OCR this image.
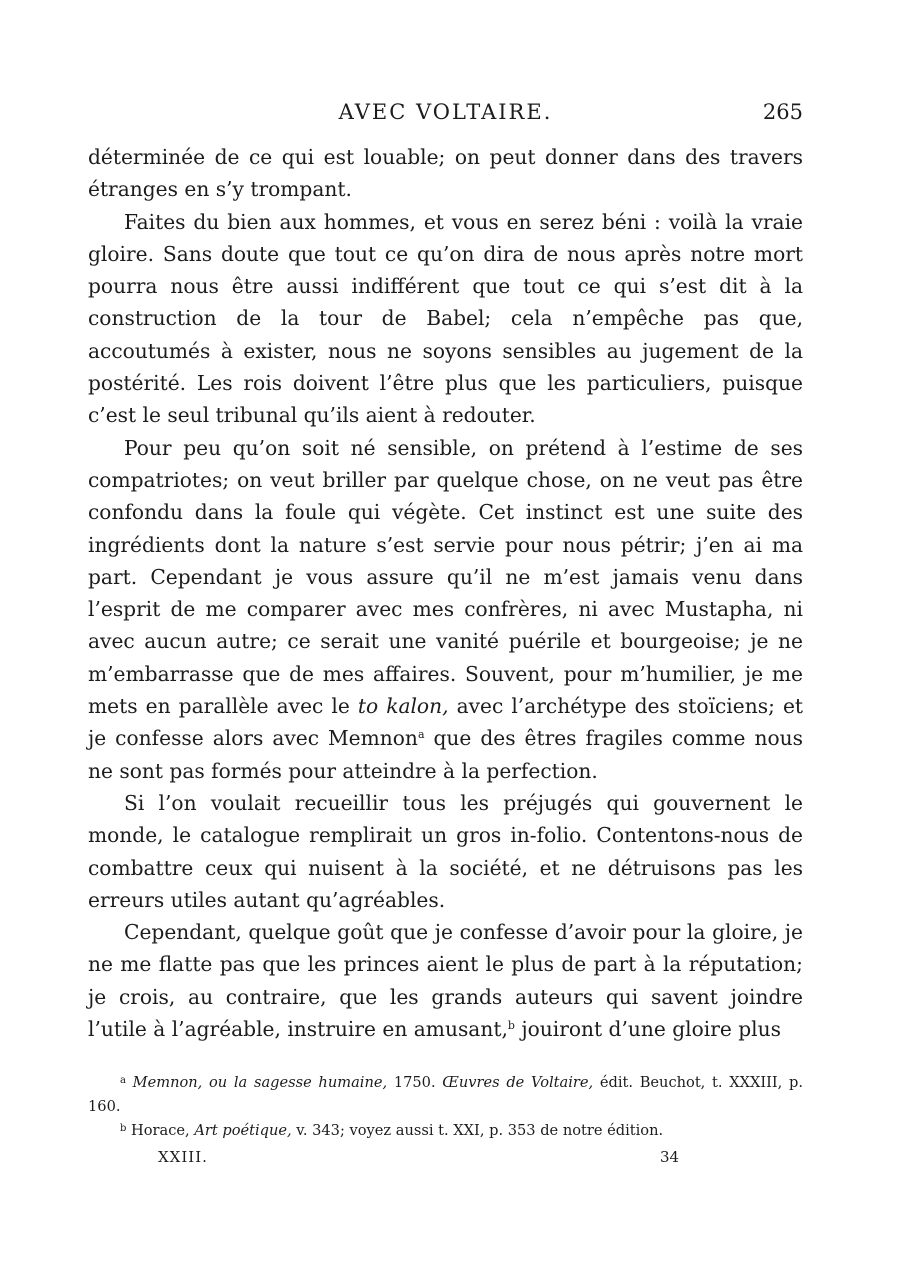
AVEC VOLTAIRE.	265

déterminée de ce qui est louable; on peut donner dans des travers étranges en s’y trompant.

Faites du bien aux hommes, et vous en serez béni : voilà la vraie gloire. Sans doute que tout ce qu’on dira de nous après notre mort pourra nous être aussi indifférent que tout ce qui s’est dit à la construction de la tour de Babel; cela n’empêche pas que, accoutumés à exister, nous ne soyons sensibles au jugement de la postérité. Les rois doivent l’être plus que les particuliers, puisque c’est le seul tribunal qu’ils aient à redouter.

Pour peu qu’on soit né sensible, on prétend à l’estime de ses compatriotes; on veut briller par quelque chose, on ne veut pas être confondu dans la foule qui végète. Cet instinct est une suite des ingrédients dont la nature s’est servie pour nous pétrir; j’en ai ma part. Cependant je vous assure qu’il ne m’est jamais venu dans l’esprit de me comparer avec mes confrères, ni avec Mustapha, ni avec aucun autre; ce serait une vanité puérile et bourgeoise; je ne m’embarrasse que de mes affaires. Souvent, pour m’humilier, je me mets en parallèle avec le to kalon, avec l’archétype des stoïciens; et je confesse alors avec Memnon$^a$ que des êtres fragiles comme nous ne sont pas formés pour atteindre à la perfection.

Si l’on voulait recueillir tous les préjugés qui gouvernent le monde, le catalogue remplirait un gros in-folio. Contentons-nous de combattre ceux qui nuisent à la société, et ne détruisons pas les erreurs utiles autant qu’agréables.

Cependant, quelque goût que je confesse d’avoir pour la gloire, je ne me flatte pas que les princes aient le plus de part à la réputation; je crois, au contraire, que les grands auteurs qui savent joindre l’utile à l’agréable, instruire en amusant,$^b$ jouiront d’une gloire plus

$^a$ Memnon, ou la sagesse humaine, 1750. Œuvres de Voltaire, édit. Beuchot, t. XXXIII, p. 160.

$^b$ Horace, Art poétique, v. 343; voyez aussi t. XXI, p. 353 de notre édition.

XXIII.	34
